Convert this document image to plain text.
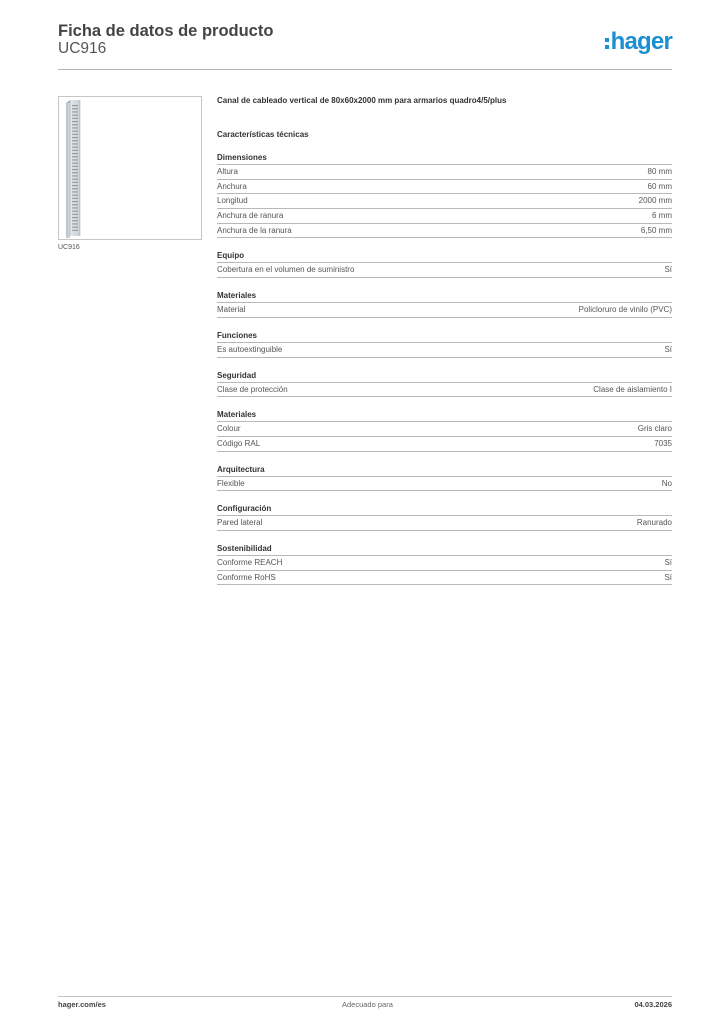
Ficha de datos de producto
UC916	hager
UC916
Canal de cableado vertical de 80x60x2000 mm para armarios quadro4/5/plus
Características técnicas
Dimensiones
Altura	80 mm
Anchura	60 mm
Longitud	2000 mm
Anchura de ranura	6 mm
Anchura de la ranura	6,50 mm
Equipo
Cobertura en el volumen de suministro	Sí
Materiales
Material	Policloruro de vinilo (PVC)
Funciones
Es autoextinguible	Sí
Seguridad
Clase de protección	Clase de aislamiento I
Materiales
Colour	Gris claro
Código RAL	7035
Arquitectura
Flexible	No
Configuración
Pared lateral	Ranurado
Sostenibilidad
Conforme REACH	Sí
Conforme RoHS	Sí
hager.com/es	Adecuado para	04.03.2026
